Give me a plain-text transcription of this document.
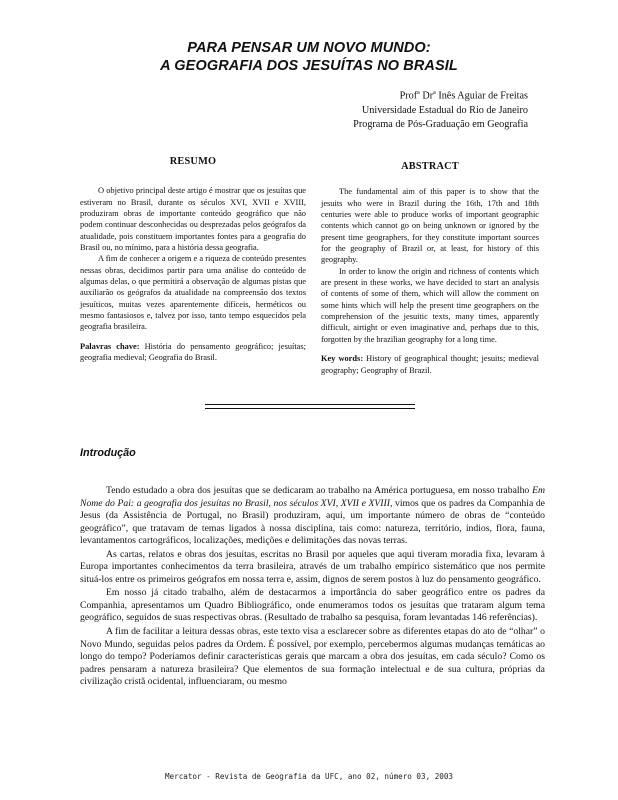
PARA PENSAR UM NOVO MUNDO:
A GEOGRAFIA DOS JESUÍTAS NO BRASIL
Prof$^a$ Dr$^a$ Inês Aguiar de Freitas
Universidade Estadual do Rio de Janeiro
Programa de Pós-Graduação em Geografia
RESUMO

O objetivo principal deste artigo é mostrar que os jesuítas que estiveram no Brasil, durante os séculos XVI, XVII e XVIII, produziram obras de importante conteúdo geográfico que não podem continuar desconhecidas ou desprezadas pelos geógrafos da atualidade, pois constituem importantes fontes para a geografia do Brasil ou, no mínimo, para a história dessa geografia.

A fim de conhecer a origem e a riqueza de conteúdo presentes nessas obras, decidimos partir para uma análise do conteúdo de algumas delas, o que permitirá a observação de algumas pistas que auxiliarão os geógrafos da atualidade na compreensão dos textos jesuíticos, muitas vezes aparentemente difíceis, herméticos ou mesmo fantasiosos e, talvez por isso, tanto tempo esquecidos pela geografia brasileira.

Palavras chave: História do pensamento geográfico; jesuítas; geografia medieval; Geografia do Brasil.

ABSTRACT

The fundamental aim of this paper is to show that the jesuits who were in Brazil during the 16th, 17th and 18th centuries were able to produce works of important geographic contents which cannot go on being unknown or ignored by the present time geographers, for they constitute important sources for the geography of Brazil or, at least, for history of this geography.

In order to know the origin and richness of contents which are present in these works, we have decided to start an analysis of contents of some of them, which will allow the comment on some hints which will help the present time geographers on the comprehension of the jesuitic texts, many times, apparently difficult, airtight or even imaginative and, perhaps due to this, forgotten by the brazilian geography for a long time.

Key words: History of geographical thought; jesuits; medieval geography; Geography of Brazil.

Introdução

Tendo estudado a obra dos jesuítas que se dedicaram ao trabalho na América portuguesa, em nosso trabalho Em Nome do Pai: a geografia dos jesuítas no Brasil, nos séculos XVI, XVII e XVIII, vimos que os padres da Companhia de Jesus (da Assistência de Portugal, no Brasil) produziram, aqui, um importante número de obras de “conteúdo geográfico”, que tratavam de temas ligados à nossa disciplina, tais como: natureza, território, índios, flora, fauna, levantamentos cartográficos, localizações, medições e delimitações das novas terras.

As cartas, relatos e obras dos jesuítas, escritas no Brasil por aqueles que aqui tiveram moradia fixa, levaram à Europa importantes conhecimentos da terra brasileira, através de um trabalho empírico sistemático que nos permite situá-los entre os primeiros geógrafos em nossa terra e, assim, dignos de serem postos à luz do pensamento geográfico.

Em nosso já citado trabalho, além de destacarmos a importância do saber geográfico entre os padres da Companhia, apresentamos um Quadro Bibliográfico, onde enumeramos todos os jesuítas que trataram algum tema geográfico, seguidos de suas respectivas obras. (Resultado de trabalho sa pesquisa, foram levantadas 146 referências).

A fim de facilitar a leitura dessas obras, este texto visa a esclarecer sobre as diferentes etapas do ato de “olhar” o Novo Mundo, seguidas pelos padres da Ordem. É possível, por exemplo, percebermos algumas mudanças temáticas ao longo do tempo? Poderíamos definir características gerais que marcam a obra dos jesuítas, em cada século? Como os padres pensaram a natureza brasileira? Que elementos de sua formação intelectual e de sua cultura, próprias da civilização cristã ocidental, influenciaram, ou mesmo

Mercator - Revista de Geografia da UFC, ano 02, número 03, 2003
